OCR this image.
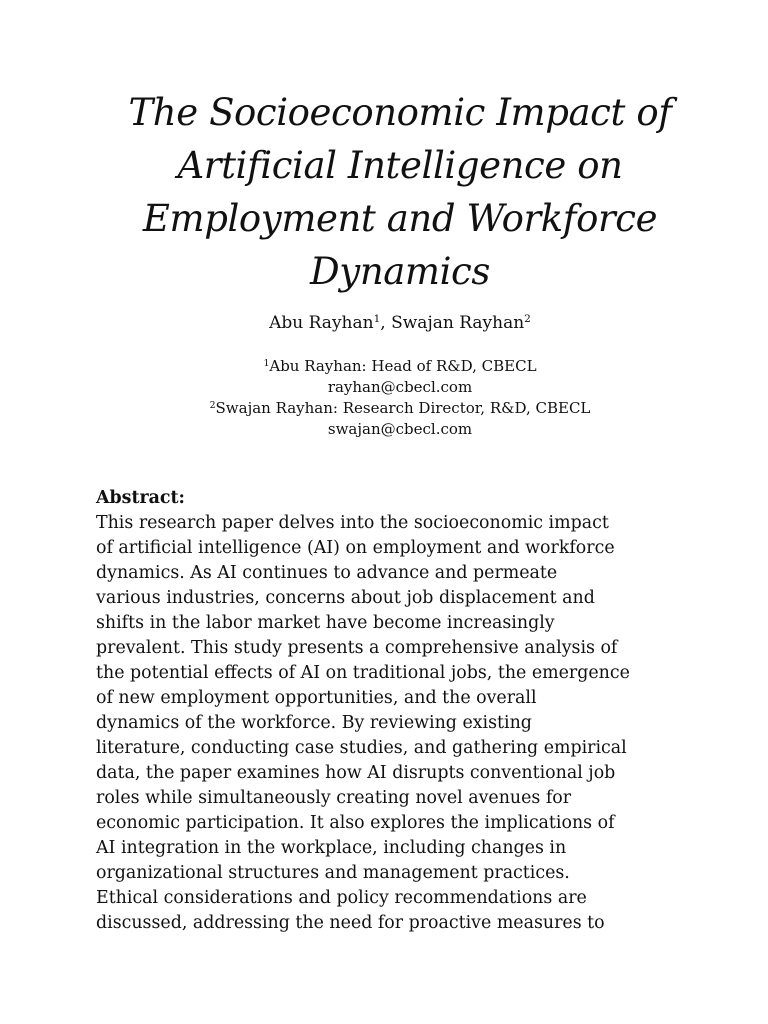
The Socioeconomic Impact of
Artificial Intelligence on
Employment and Workforce
Dynamics
Abu Rayhan$^1$, Swajan Rayhan$^2$
$^1$Abu Rayhan: Head of R&D, CBECL
rayhan@cbecl.com
$^2$Swajan Rayhan: Research Director, R&D, CBECL
swajan@cbecl.com
Abstract:
This research paper delves into the socioeconomic impact
of artificial intelligence (AI) on employment and workforce
dynamics. As AI continues to advance and permeate
various industries, concerns about job displacement and
shifts in the labor market have become increasingly
prevalent. This study presents a comprehensive analysis of
the potential effects of AI on traditional jobs, the emergence
of new employment opportunities, and the overall
dynamics of the workforce. By reviewing existing
literature, conducting case studies, and gathering empirical
data, the paper examines how AI disrupts conventional job
roles while simultaneously creating novel avenues for
economic participation. It also explores the implications of
AI integration in the workplace, including changes in
organizational structures and management practices.
Ethical considerations and policy recommendations are
discussed, addressing the need for proactive measures to
